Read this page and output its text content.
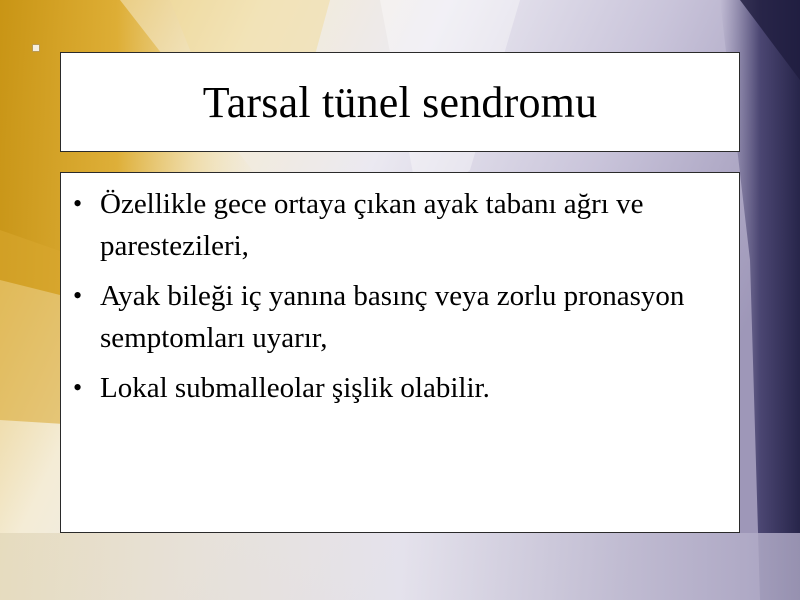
Tarsal tünel sendromu
• Özellikle gece ortaya çıkan ayak tabanı ağrı ve parestezileri,
• Ayak bileği iç yanına basınç veya zorlu pronasyon semptomları uyarır,
• Lokal submalleolar şişlik olabilir.
